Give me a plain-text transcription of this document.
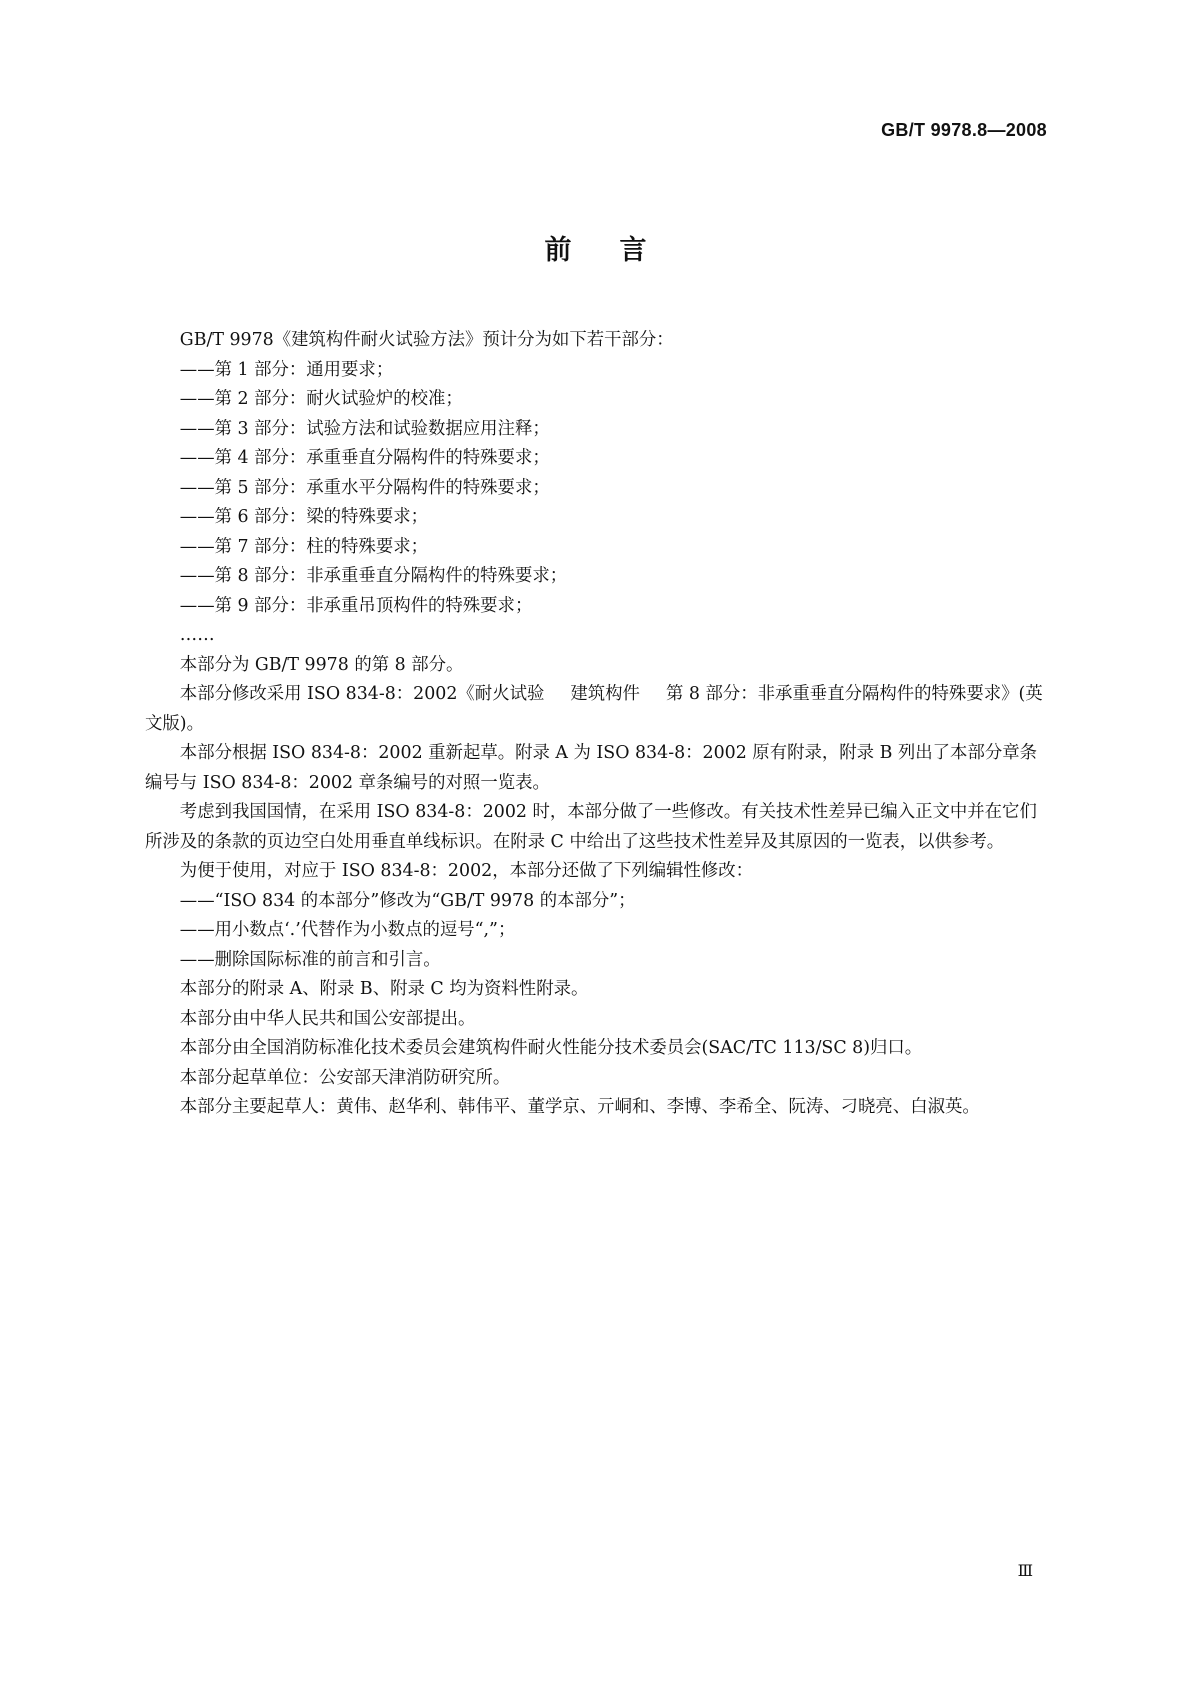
GB/T 9978.8—2008
前 言

GB/T 9978《建筑构件耐火试验方法》预计分为如下若干部分：

——第 1 部分：通用要求；

——第 2 部分：耐火试验炉的校准；

——第 3 部分：试验方法和试验数据应用注释；

——第 4 部分：承重垂直分隔构件的特殊要求；

——第 5 部分：承重水平分隔构件的特殊要求；

——第 6 部分：梁的特殊要求；

——第 7 部分：柱的特殊要求；

——第 8 部分：非承重垂直分隔构件的特殊要求；

——第 9 部分：非承重吊顶构件的特殊要求；

……

本部分为 GB/T 9978 的第 8 部分。

本部分修改采用 ISO 834-8：2002《耐火试验 建筑构件 第 8 部分：非承重垂直分隔构件的特殊要求》(英文版)。

本部分根据 ISO 834-8：2002 重新起草。附录 A 为 ISO 834-8：2002 原有附录，附录 B 列出了本部分章条编号与 ISO 834-8：2002 章条编号的对照一览表。

考虑到我国国情，在采用 ISO 834-8：2002 时，本部分做了一些修改。有关技术性差异已编入正文中并在它们所涉及的条款的页边空白处用垂直单线标识。在附录 C 中给出了这些技术性差异及其原因的一览表，以供参考。

为便于使用，对应于 ISO 834-8：2002，本部分还做了下列编辑性修改：

——“ISO 834 的本部分”修改为“GB/T 9978 的本部分”；

——用小数点‘.’代替作为小数点的逗号“,”；

——删除国际标准的前言和引言。

本部分的附录 A、附录 B、附录 C 均为资料性附录。

本部分由中华人民共和国公安部提出。

本部分由全国消防标准化技术委员会建筑构件耐火性能分技术委员会(SAC/TC 113/SC 8)归口。

本部分起草单位：公安部天津消防研究所。

本部分主要起草人：黄伟、赵华利、韩伟平、董学京、亓峒和、李博、李希全、阮涛、刁晓亮、白淑英。

Ⅲ
